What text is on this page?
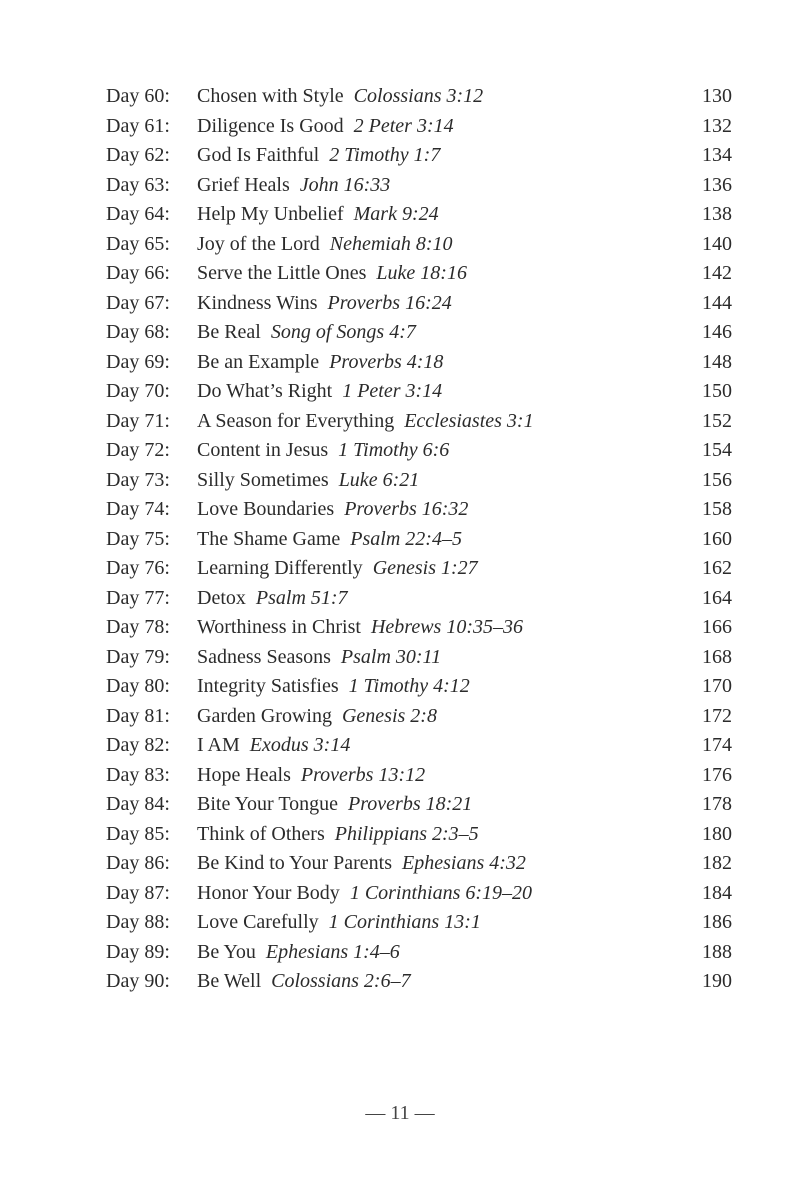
Day 60: Chosen with Style Colossians 3:12	130
Day 61: Diligence Is Good 2 Peter 3:14	132
Day 62: God Is Faithful 2 Timothy 1:7	134
Day 63: Grief Heals John 16:33	136
Day 64: Help My Unbelief Mark 9:24	138
Day 65: Joy of the Lord Nehemiah 8:10	140
Day 66: Serve the Little Ones Luke 18:16	142
Day 67: Kindness Wins Proverbs 16:24	144
Day 68: Be Real Song of Songs 4:7	146
Day 69: Be an Example Proverbs 4:18	148
Day 70: Do What’s Right 1 Peter 3:14	150
Day 71: A Season for Everything Ecclesiastes 3:1	152
Day 72: Content in Jesus 1 Timothy 6:6	154
Day 73: Silly Sometimes Luke 6:21	156
Day 74: Love Boundaries Proverbs 16:32	158
Day 75: The Shame Game Psalm 22:4–5	160
Day 76: Learning Differently Genesis 1:27	162
Day 77: Detox Psalm 51:7	164
Day 78: Worthiness in Christ Hebrews 10:35–36	166
Day 79: Sadness Seasons Psalm 30:11	168
Day 80: Integrity Satisfies 1 Timothy 4:12	170
Day 81: Garden Growing Genesis 2:8	172
Day 82: I AM Exodus 3:14	174
Day 83: Hope Heals Proverbs 13:12	176
Day 84: Bite Your Tongue Proverbs 18:21	178
Day 85: Think of Others Philippians 2:3–5	180
Day 86: Be Kind to Your Parents Ephesians 4:32	182
Day 87: Honor Your Body 1 Corinthians 6:19–20	184
Day 88: Love Carefully 1 Corinthians 13:1	186
Day 89: Be You Ephesians 1:4–6	188
Day 90: Be Well Colossians 2:6–7	190
— 11 —
